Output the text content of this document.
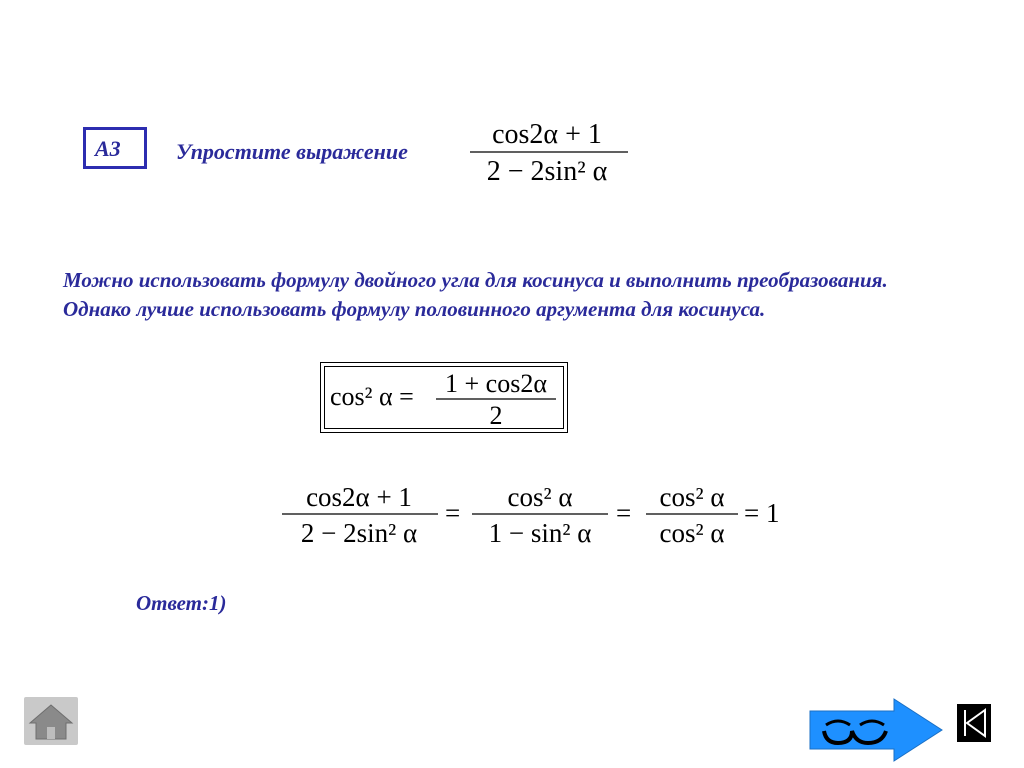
A3	Упростите выражение
cos2α + 1
2 − 2sin² α
Можно использовать формулу двойного угла для косинуса и выполнить преобразования. Однако лучше использовать формулу половинного аргумента для косинуса.
cos² α = 1 + cos2α
2
cos2α + 1
2 − 2sin² α
=
cos² α
1 − sin² α
=
cos² α
cos² α
= 1
Ответ:1)
